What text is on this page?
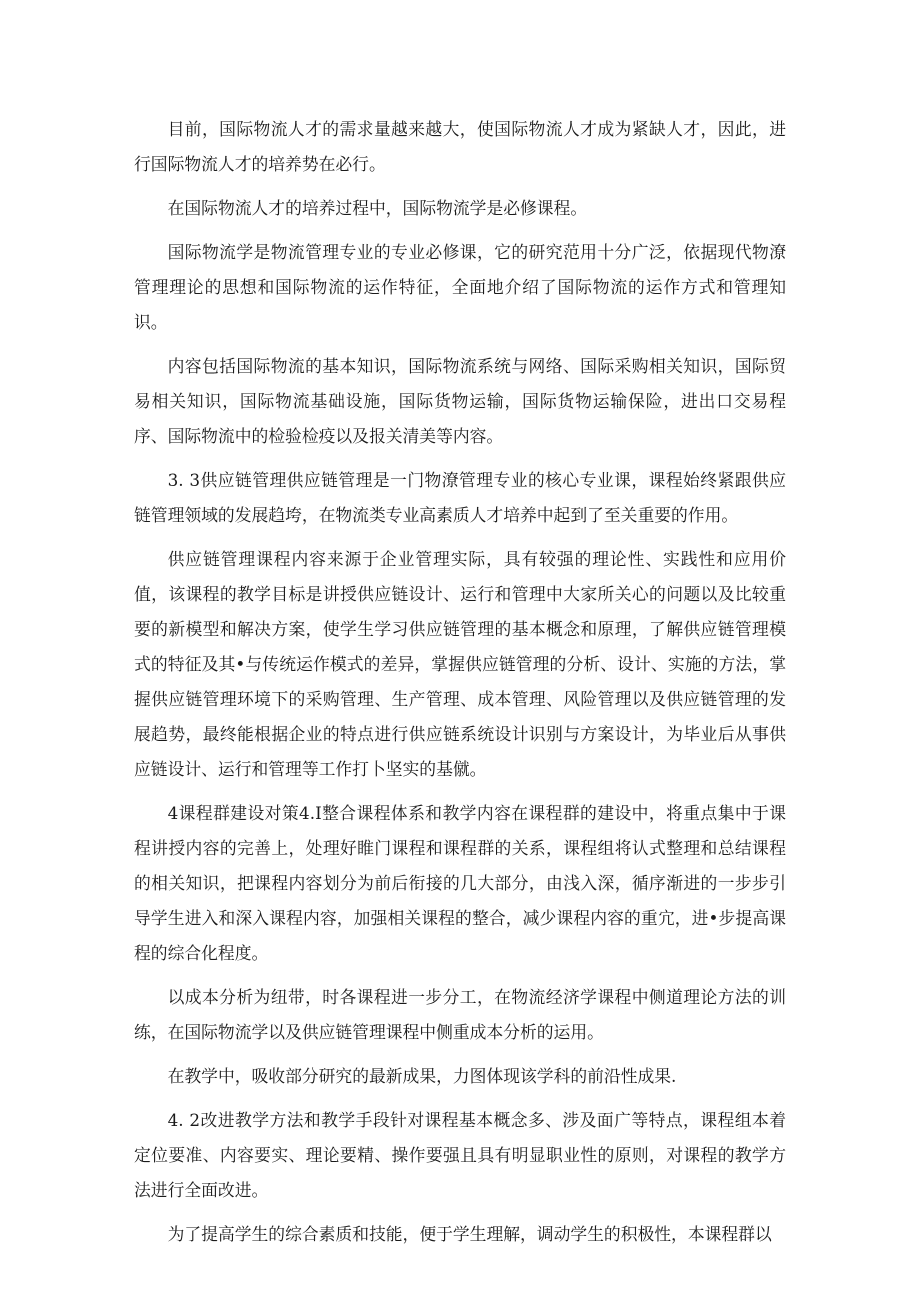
目前，国际物流人才的需求量越来越大，使国际物流人才成为紧缺人才，因此，进行国际物流人才的培养势在必行。

在国际物流人才的培养过程中，国际物流学是必修课程。

国际物流学是物流管理专业的专业必修课，它的研究范用十分广泛，依据现代物潦管理理论的思想和国际物流的运作特征，全面地介绍了国际物流的运作方式和管理知识。

内容包括国际物流的基本知识，国际物流系统与网络、国际采购相关知识，国际贸易相关知识，国际物流基础设施，国际货物运输，国际货物运输保险，进出口交易程序、国际物流中的检验检疫以及报关清美等内容。

3. 3供应链管理供应链管理是一门物潦管理专业的核心专业课，课程始终紧跟供应链管理领域的发展趋垮，在物流类专业高素质人才培养中起到了至关重要的作用。

供应链管理课程内容来源于企业管理实际，具有较强的理论性、实践性和应用价值，该课程的教学目标是讲授供应链设计、运行和管理中大家所关心的问题以及比较重要的新模型和解决方案，使学生学习供应链管理的基本概念和原理，了解供应链管理模式的特征及其•与传统运作模式的差异，掌握供应链管理的分析、设计、实施的方法，掌握供应链管理环境下的采购管理、生产管理、成本管理、风险管理以及供应链管理的发展趋势，最终能根据企业的特点进行供应链系统设计识别与方案设计，为毕业后从事供应链设计、运行和管理等工作打卜坚实的基僦。

4课程群建设对策4.I整合课程体系和教学内容在课程群的建设中，将重点集中于课程讲授内容的完善上，处理好睢门课程和课程群的关系，课程组将认式整理和总结课程的相关知识，把课程内容划分为前后衔接的几大部分，由浅入深，循序渐进的一步步引导学生进入和深入课程内容，加强相关课程的整合，减少课程内容的重宂，进•步提高课程的综合化程度。

以成本分析为纽带，时各课程进一步分工，在物流经济学课程中侧道理论方法的训练，在国际物流学以及供应链管理课程中侧重成本分析的运用。

在教学中，吸收部分研究的最新成果，力图体现该学科的前沿性成果.

4. 2改进教学方法和教学手段针对课程基本概念多、涉及面广等特点，课程组本着定位要准、内容要实、理论要精、操作要强且具有明显职业性的原则，对课程的教学方法进行全面改进。

为了提高学生的综合素质和技能，便于学生理解，调动学生的积极性，本课程群以
